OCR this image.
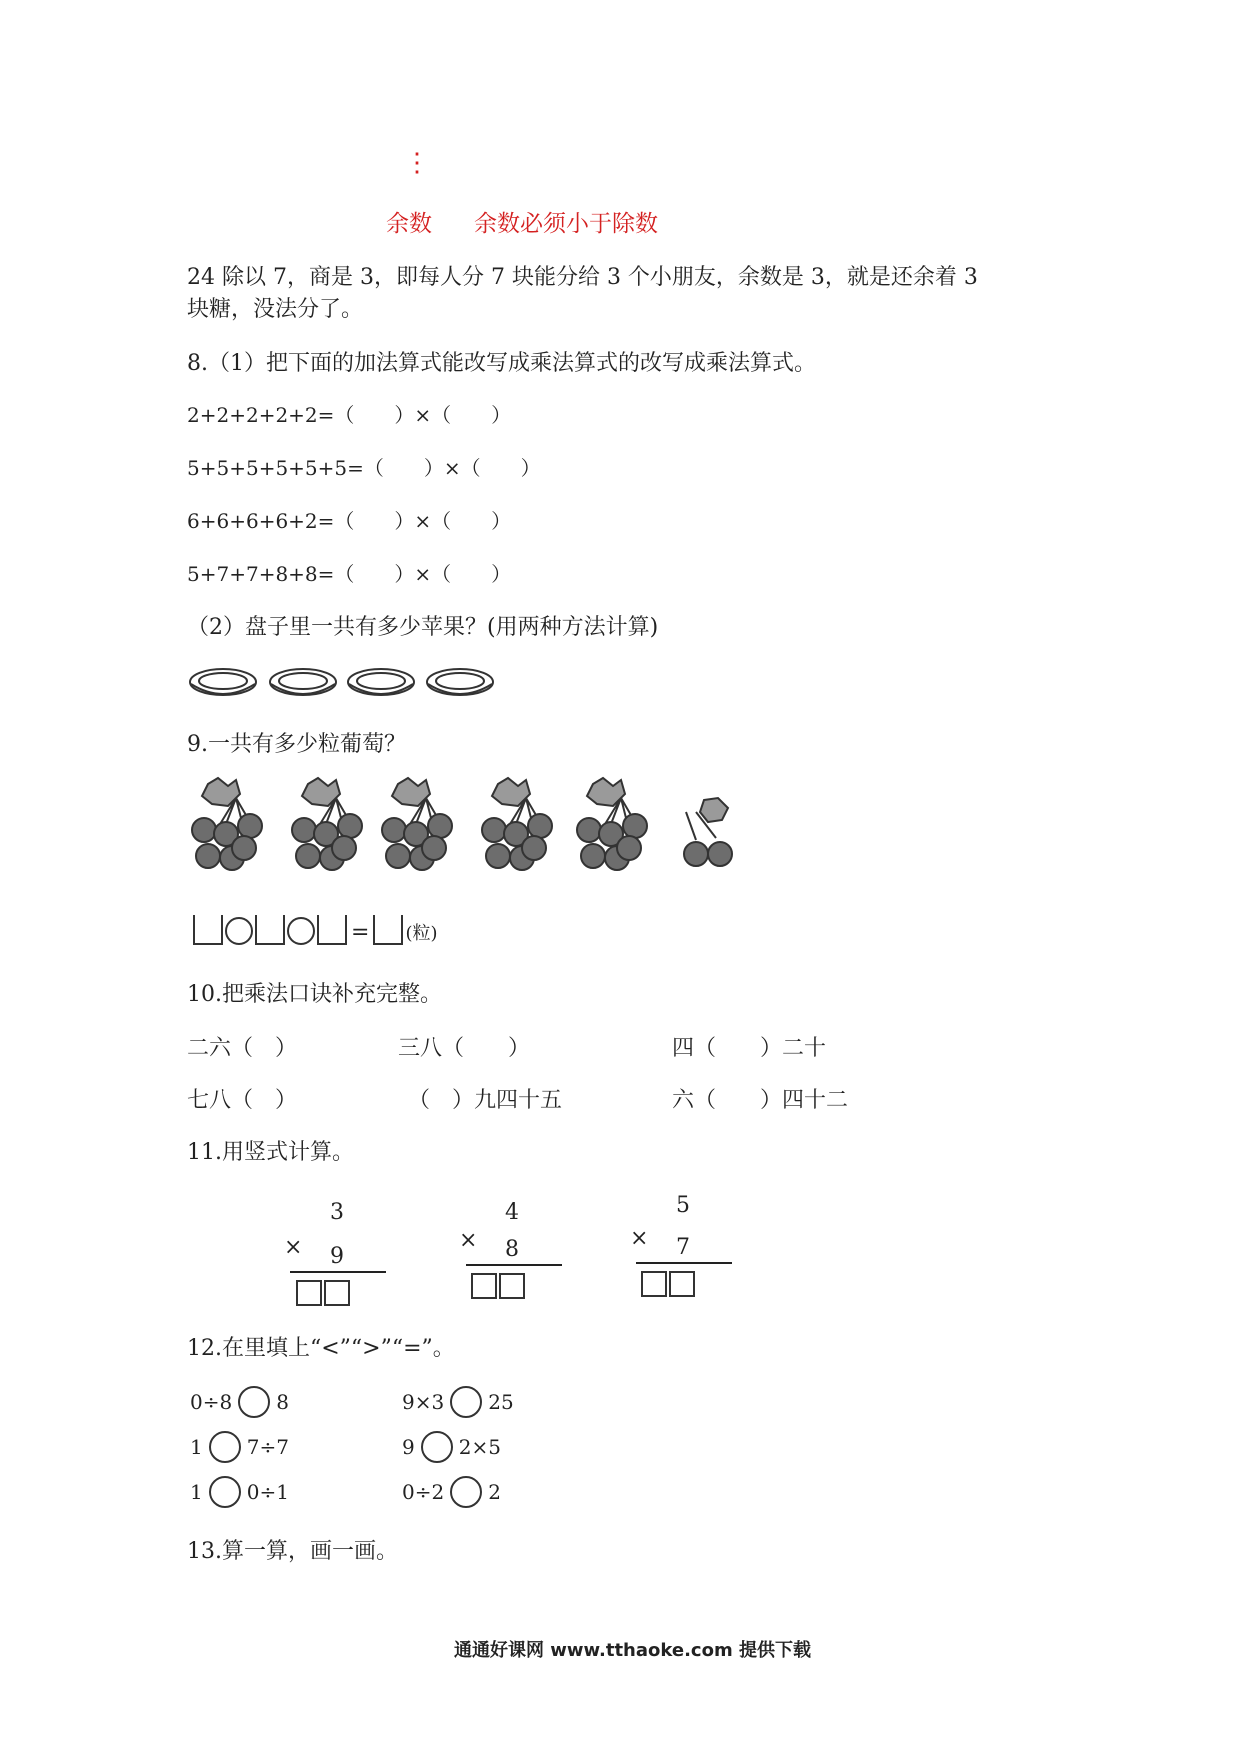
⋮
余数 余数必须小于除数
24 除以 7，商是 3，即每人分 7 块能分给 3 个小朋友，余数是 3，就是还余着 3
块糖，没法分了。
8.（1）把下面的加法算式能改写成乘法算式的改写成乘法算式。
2+2+2+2+2=（　　）×（　　）
5+5+5+5+5+5=（　　）×（　　）
6+6+6+6+2=（　　）×（　　）
5+7+7+8+8=（　　）×（　　）
（2）盘子里一共有多少苹果？(用两种方法计算)
9.一共有多少粒葡萄？
= (粒)
10.把乘法口诀补充完整。
二六（　）	三八（　　）	四（　　）二十
七八（　）	（　）九四十五	六（　　）四十二
11.用竖式计算。
3
× 9
4
× 8
5
× 7
12.在里填上“<”“>”“=”。
0÷8 8	9×3 25
1 7÷7	9 2×5
1 0÷1	0÷2 2
13.算一算，画一画。
通通好课网 www.tthaoke.com 提供下载
